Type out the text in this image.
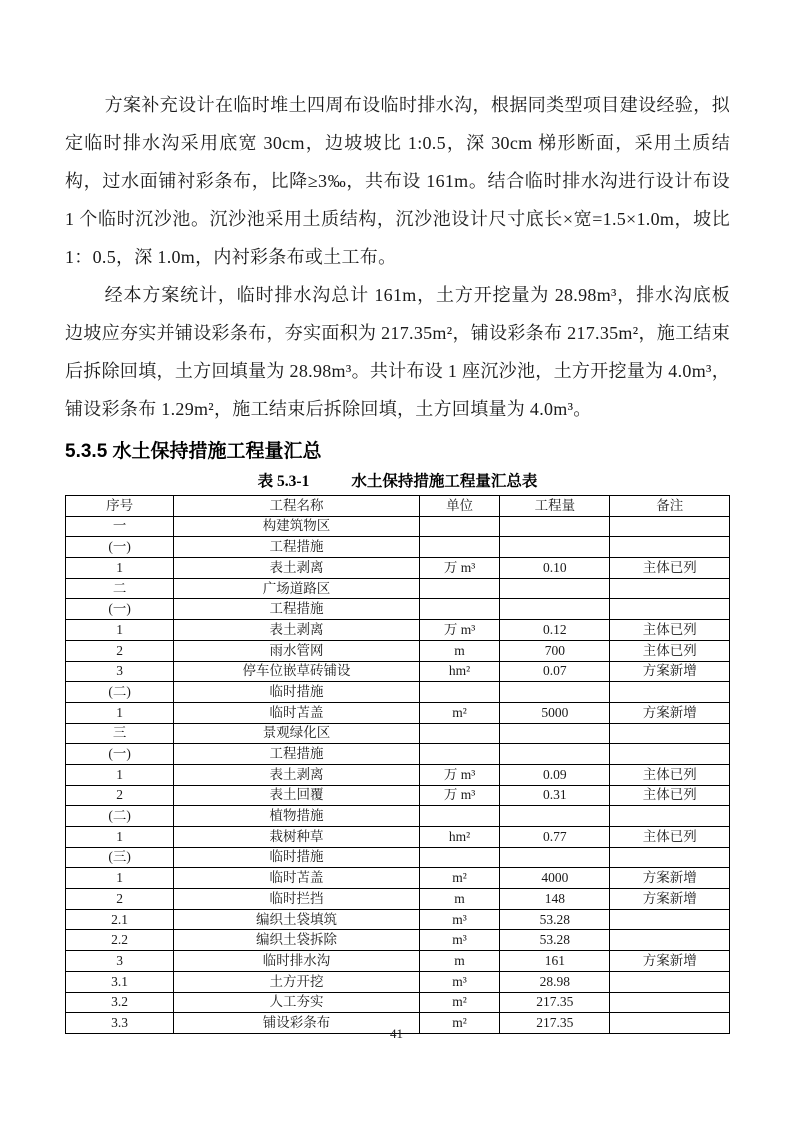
方案补充设计在临时堆土四周布设临时排水沟，根据同类型项目建设经验，拟定临时排水沟采用底宽 30cm，边坡坡比 1:0.5，深 30cm 梯形断面，采用土质结构，过水面铺衬彩条布，比降≥3‰，共布设 161m。结合临时排水沟进行设计布设 1 个临时沉沙池。沉沙池采用土质结构，沉沙池设计尺寸底长×宽=1.5×1.0m，坡比 1：0.5，深 1.0m，内衬彩条布或土工布。

经本方案统计，临时排水沟总计 161m，土方开挖量为 28.98m³，排水沟底板边坡应夯实并铺设彩条布，夯实面积为 217.35m²，铺设彩条布 217.35m²，施工结束后拆除回填，土方回填量为 28.98m³。共计布设 1 座沉沙池，土方开挖量为 4.0m³，铺设彩条布 1.29m²，施工结束后拆除回填，土方回填量为 4.0m³。

5.3.5 水土保持措施工程量汇总
表 5.3-1	水土保持措施工程量汇总表
序号	工程名称	单位	工程量	备注
一	构建筑物区			
(一)	工程措施			
1	表土剥离	万 m³	0.10	主体已列
二	广场道路区			
(一)	工程措施			
1	表土剥离	万 m³	0.12	主体已列
2	雨水管网	m	700	主体已列
3	停车位嵌草砖铺设	hm²	0.07	方案新增
(二)	临时措施			
1	临时苫盖	m²	5000	方案新增
三	景观绿化区			
(一)	工程措施			
1	表土剥离	万 m³	0.09	主体已列
2	表土回覆	万 m³	0.31	主体已列
(二)	植物措施			
1	栽树种草	hm²	0.77	主体已列
(三)	临时措施			
1	临时苫盖	m²	4000	方案新增
2	临时拦挡	m	148	方案新增
2.1	编织土袋填筑	m³	53.28	
2.2	编织土袋拆除	m³	53.28	
3	临时排水沟	m	161	方案新增
3.1	土方开挖	m³	28.98	
3.2	人工夯实	m²	217.35	
3.3	铺设彩条布	m²	217.35	
41
